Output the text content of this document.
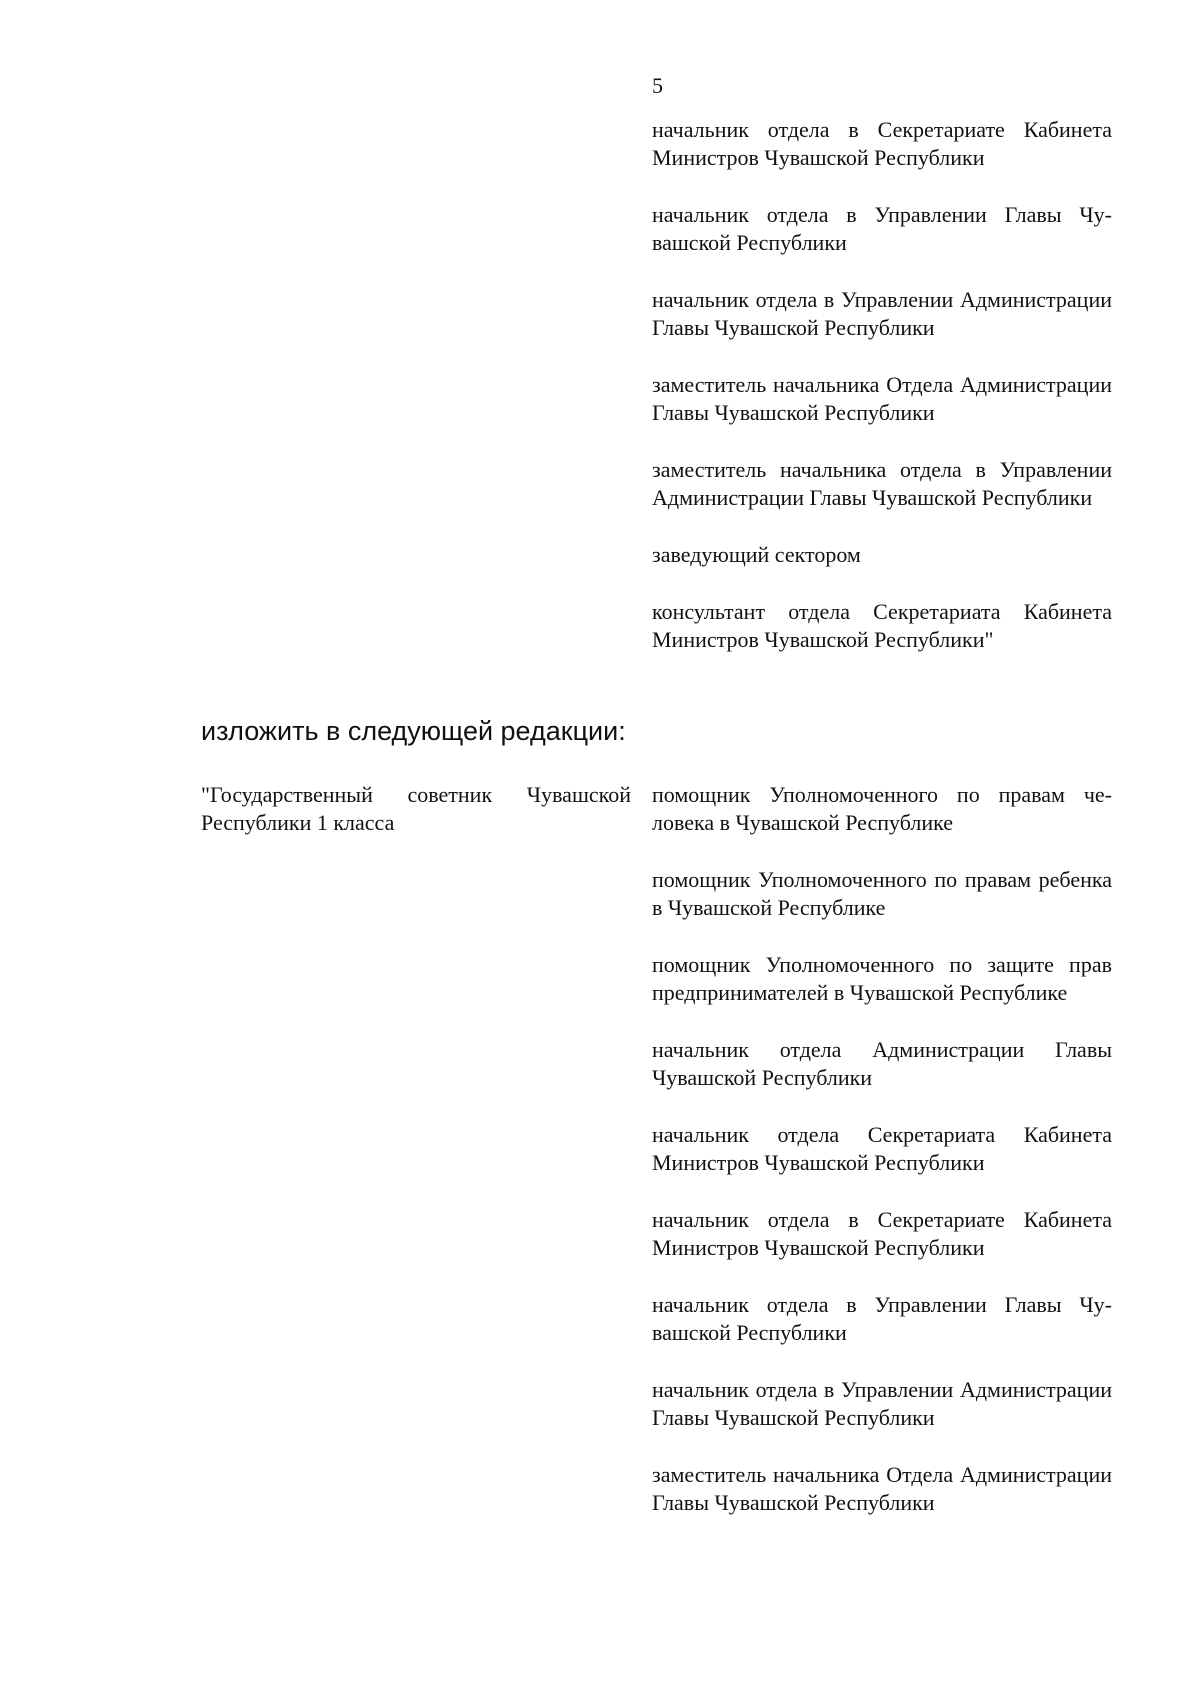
5

начальник отдела в Секретариате Кабинета Министров Чувашской Республики

начальник отдела в Управлении Главы Чувашской Республики

начальник отдела в Управлении Администрации Главы Чувашской Республики

заместитель начальника Отдела Администрации Главы Чувашской Республики

заместитель начальника отдела в Управлении Администрации Главы Чувашской Республики

заведующий сектором

консультант отдела Секретариата Кабинета Министров Чувашской Республики"

изложить в следующей редакции:

"Государственный советник Чувашской Республики 1 класса

помощник Уполномоченного по правам человека в Чувашской Республике

помощник Уполномоченного по правам ребенка в Чувашской Республике

помощник Уполномоченного по защите прав предпринимателей в Чувашской Республике

начальник отдела Администрации Главы Чувашской Республики

начальник отдела Секретариата Кабинета Министров Чувашской Республики

начальник отдела в Секретариате Кабинета Министров Чувашской Республики

начальник отдела в Управлении Главы Чувашской Республики

начальник отдела в Управлении Администрации Главы Чувашской Республики

заместитель начальника Отдела Администрации Главы Чувашской Республики
